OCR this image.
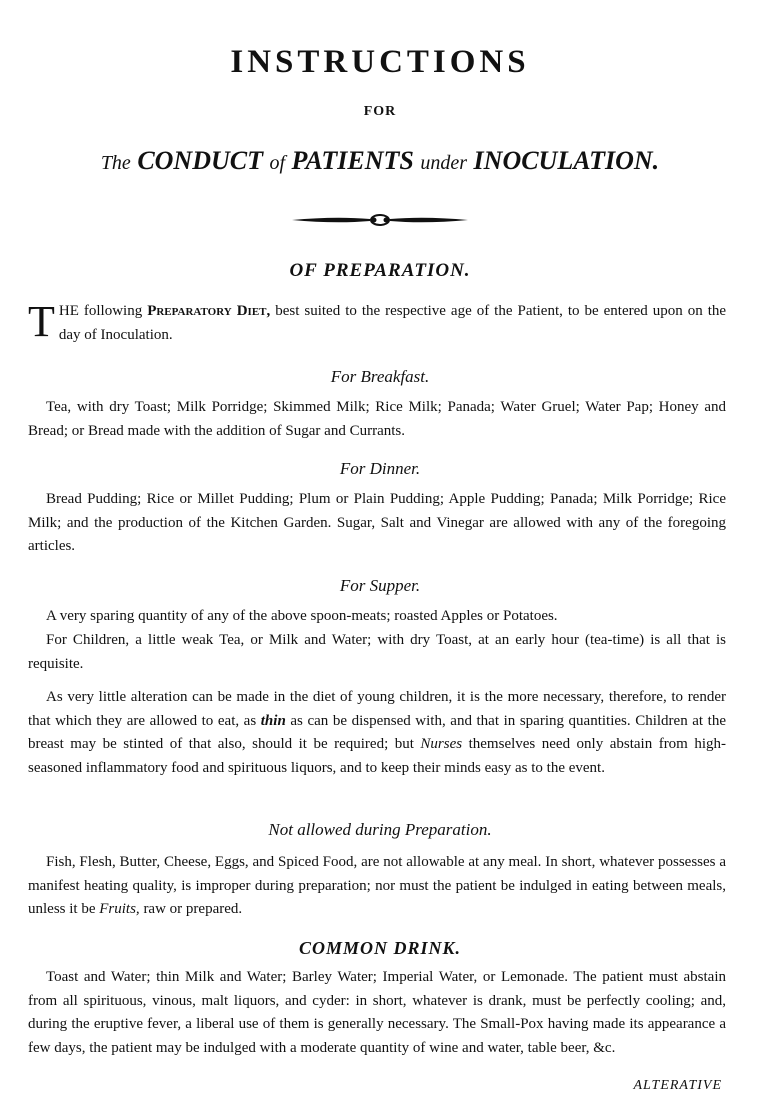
INSTRUCTIONS
FOR
The CONDUCT of PATIENTS under INOCULATION.
OF PREPARATION.
THE following Preparatory Diet, best suited to the respective age of the Patient, to be entered upon on the day of Inoculation.
For Breakfast.
Tea, with dry Toast; Milk Porridge; Skimmed Milk; Rice Milk; Panada; Water Gruel; Water Pap; Honey and Bread; or Bread made with the addition of Sugar and Currants.
For Dinner.
Bread Pudding; Rice or Millet Pudding; Plum or Plain Pudding; Apple Pudding; Panada; Milk Porridge; Rice Milk; and the production of the Kitchen Garden. Sugar, Salt and Vinegar are allowed with any of the foregoing articles.
For Supper.
A very sparing quantity of any of the above spoon-meats; roasted Apples or Potatoes.
For Children, a little weak Tea, or Milk and Water; with dry Toast, at an early hour (tea-time) is all that is requisite.
As very little alteration can be made in the diet of young children, it is the more necessary, therefore, to render that which they are allowed to eat, as thin as can be dispensed with, and that in sparing quantities. Children at the breast may be stinted of that also, should it be required; but Nurses themselves need only abstain from high-seasoned inflammatory food and spirituous liquors, and to keep their minds easy as to the event.
Not allowed during Preparation.
Fish, Flesh, Butter, Cheese, Eggs, and Spiced Food, are not allowable at any meal. In short, whatever possesses a manifest heating quality, is improper during preparation; nor must the patient be indulged in eating between meals, unless it be Fruits, raw or prepared.
COMMON DRINK.
Toast and Water; thin Milk and Water; Barley Water; Imperial Water, or Lemonade. The patient must abstain from all spirituous, vinous, malt liquors, and cyder: in short, whatever is drank, must be perfectly cooling; and, during the eruptive fever, a liberal use of them is generally necessary. The Small-Pox having made its appearance a few days, the patient may be indulged with a moderate quantity of wine and water, table beer, &c.
ALTERATIVE
